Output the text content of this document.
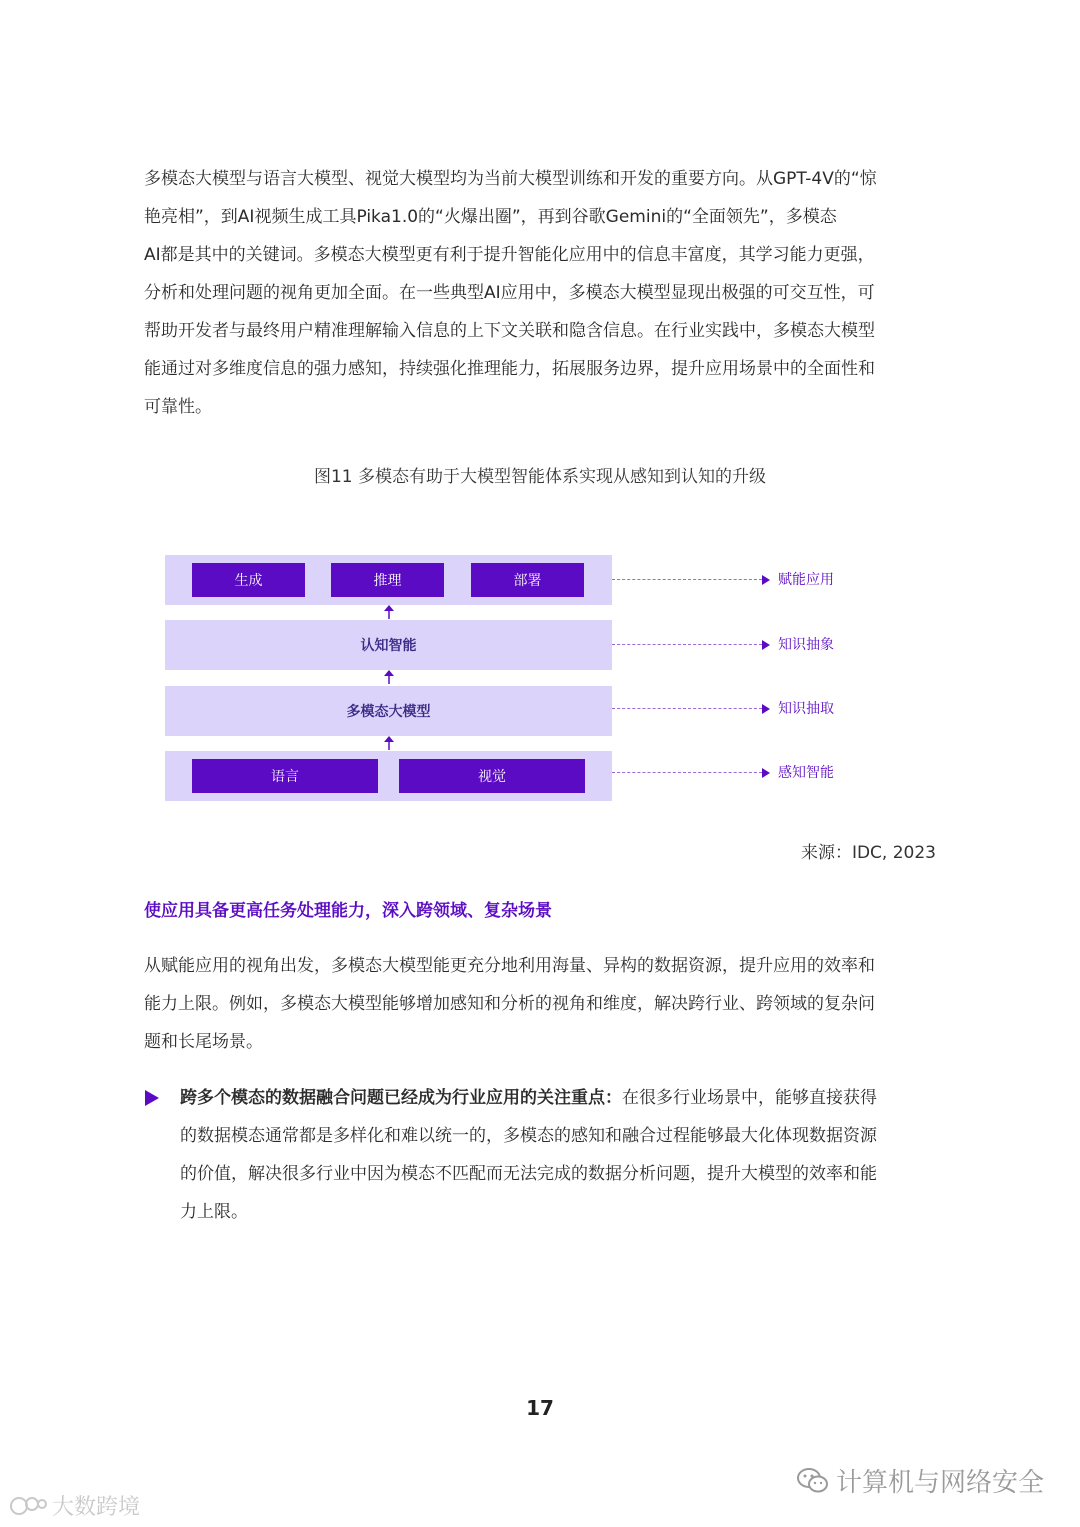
多模态大模型与语言大模型、视觉大模型均为当前大模型训练和开发的重要方向。从GPT-4V的“惊
艳亮相”，到AI视频生成工具Pika1.0的“火爆出圈”，再到谷歌Gemini的“全面领先”，多模态
AI都是其中的关键词。多模态大模型更有利于提升智能化应用中的信息丰富度，其学习能力更强，
分析和处理问题的视角更加全面。在一些典型AI应用中，多模态大模型显现出极强的可交互性，可
帮助开发者与最终用户精准理解输入信息的上下文关联和隐含信息。在行业实践中，多模态大模型
能通过对多维度信息的强力感知，持续强化推理能力，拓展服务边界，提升应用场景中的全面性和
可靠性。

图11 多模态有助于大模型智能体系实现从感知到认知的升级
生成	推理	部署
认知智能
多模态大模型
语言	视觉
赋能应用
知识抽象
知识抽取
感知智能
来源：IDC, 2023
使应用具备更高任务处理能力，深入跨领域、复杂场景

从赋能应用的视角出发，多模态大模型能更充分地利用海量、异构的数据资源，提升应用的效率和
能力上限。例如，多模态大模型能够增加感知和分析的视角和维度，解决跨行业、跨领域的复杂问
题和长尾场景。

跨多个模态的数据融合问题已经成为行业应用的关注重点：在很多行业场景中，能够直接获得
的数据模态通常都是多样化和难以统一的，多模态的感知和融合过程能够最大化体现数据资源
的价值，解决很多行业中因为模态不匹配而无法完成的数据分析问题，提升大模型的效率和能
力上限。

17
计算机与网络安全
大数跨境
